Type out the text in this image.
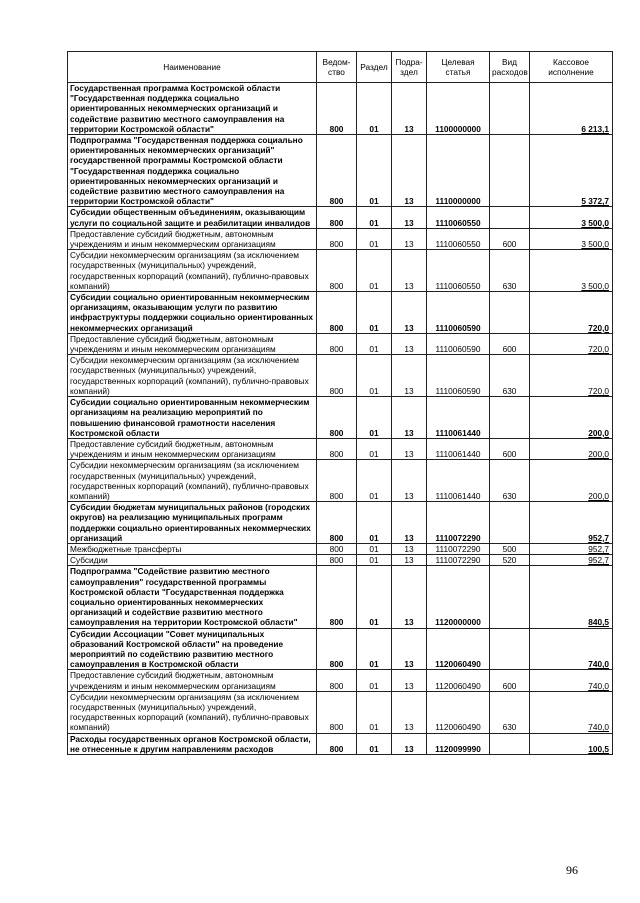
Наименование	Ведом-ство	Раздел	Подра-здел	Целевая статья	Вид расходов	Кассовое исполнение
Государственная программа Костромской области "Государственная поддержка социально ориентированных некоммерческих организаций и содействие развитию местного самоуправления на территории Костромской области"	800	01	13	1100000000		6 213,1
Подпрограмма "Государственная поддержка социально ориентированных некоммерческих организаций" государственной программы Костромской области "Государственная поддержка социально ориентированных некоммерческих организаций и содействие развитию местного самоуправления на территории Костромской области"	800	01	13	1110000000		5 372,7
Субсидии общественным объединениям, оказывающим услуги по социальной защите и реабилитации инвалидов	800	01	13	1110060550		3 500,0
Предоставление субсидий бюджетным, автономным учреждениям и иным некоммерческим организациям	800	01	13	1110060550	600	3 500,0
Субсидии некоммерческим организациям (за исключением государственных (муниципальных) учреждений, государственных корпораций (компаний), публично-правовых компаний)	800	01	13	1110060550	630	3 500,0
Субсидии социально ориентированным некоммерческим организациям, оказывающим услуги по развитию инфраструктуры поддержки социально ориентированных некоммерческих организаций	800	01	13	1110060590		720,0
Предоставление субсидий бюджетным, автономным учреждениям и иным некоммерческим организациям	800	01	13	1110060590	600	720,0
Субсидии некоммерческим организациям (за исключением государственных (муниципальных) учреждений, государственных корпораций (компаний), публично-правовых компаний)	800	01	13	1110060590	630	720,0
Субсидии социально ориентированным некоммерческим организациям на реализацию мероприятий по повышению финансовой грамотности населения Костромской области	800	01	13	1110061440		200,0
Предоставление субсидий бюджетным, автономным учреждениям и иным некоммерческим организациям	800	01	13	1110061440	600	200,0
Субсидии некоммерческим организациям (за исключением государственных (муниципальных) учреждений, государственных корпораций (компаний), публично-правовых компаний)	800	01	13	1110061440	630	200,0
Субсидии бюджетам муниципальных районов (городских округов) на реализацию муниципальных программ поддержки социально ориентированных некоммерческих организаций	800	01	13	1110072290		952,7
Межбюджетные трансферты	800	01	13	1110072290	500	952,7
Субсидии	800	01	13	1110072290	520	952,7
Подпрограмма "Содействие развитию местного самоуправления" государственной программы Костромской области "Государственная поддержка социально ориентированных некоммерческих организаций и содействие развитию местного самоуправления на территории Костромской области"	800	01	13	1120000000		840,5
Субсидии Ассоциации "Совет муниципальных образований Костромской области" на проведение мероприятий по содействию развитию местного самоуправления в Костромской области	800	01	13	1120060490		740,0
Предоставление субсидий бюджетным, автономным учреждениям и иным некоммерческим организациям	800	01	13	1120060490	600	740,0
Субсидии некоммерческим организациям (за исключением государственных (муниципальных) учреждений, государственных корпораций (компаний), публично-правовых компаний)	800	01	13	1120060490	630	740,0
Расходы государственных органов Костромской области, не отнесенные к другим направлениям расходов	800	01	13	1120099990		100,5
96
